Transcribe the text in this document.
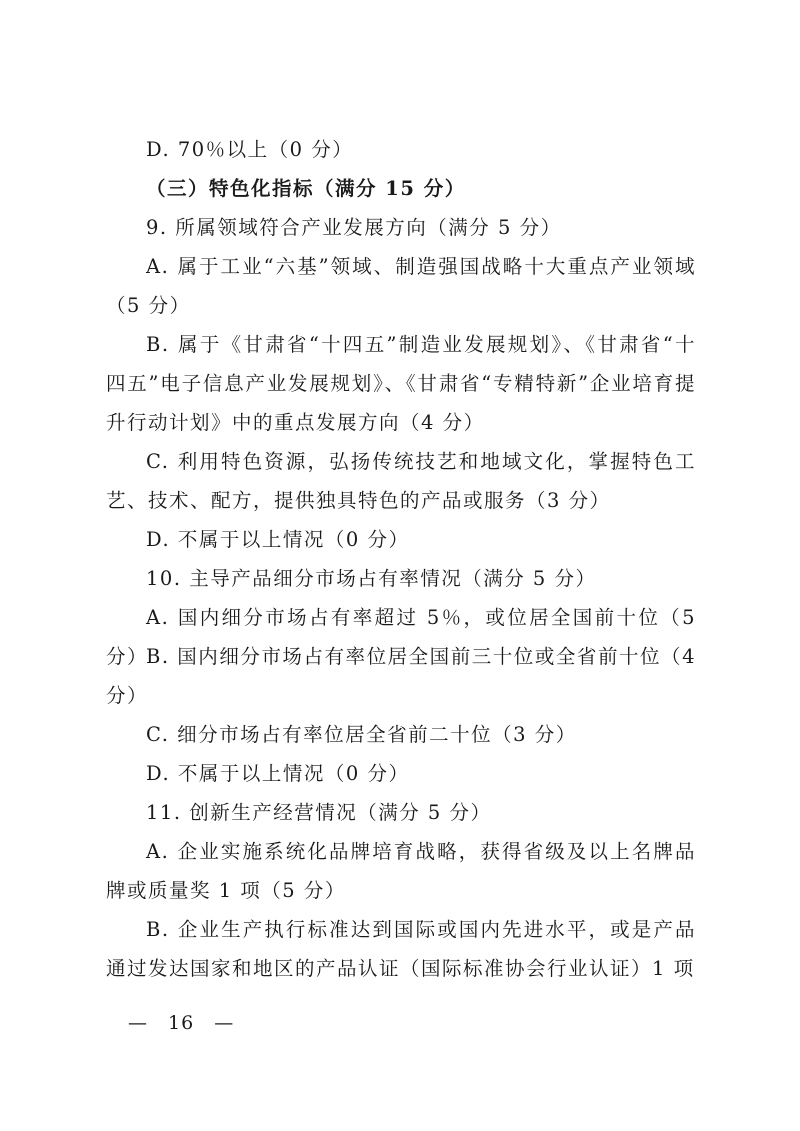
D. 70％以上（0 分）
（三）特色化指标（满分 15 分）
9. 所属领域符合产业发展方向（满分 5 分）
A. 属于工业“六基”领域、制造强国战略十大重点产业领域（5 分）
B. 属于《甘肃省“十四五”制造业发展规划》、《甘肃省“十四五”电子信息产业发展规划》、《甘肃省“专精特新”企业培育提升行动计划》中的重点发展方向（4 分）
C. 利用特色资源，弘扬传统技艺和地域文化，掌握特色工艺、技术、配方，提供独具特色的产品或服务（3 分）
D. 不属于以上情况（0 分）
10. 主导产品细分市场占有率情况（满分 5 分）
A. 国内细分市场占有率超过 5％，或位居全国前十位（5 分）
B. 国内细分市场占有率位居全国前三十位或全省前十位（4 分）
C. 细分市场占有率位居全省前二十位（3 分）
D. 不属于以上情况（0 分）
11. 创新生产经营情况（满分 5 分）
A. 企业实施系统化品牌培育战略，获得省级及以上名牌品牌或质量奖 1 项（5 分）
B. 企业生产执行标准达到国际或国内先进水平，或是产品通过发达国家和地区的产品认证（国际标准协会行业认证）1 项
— 16 —
